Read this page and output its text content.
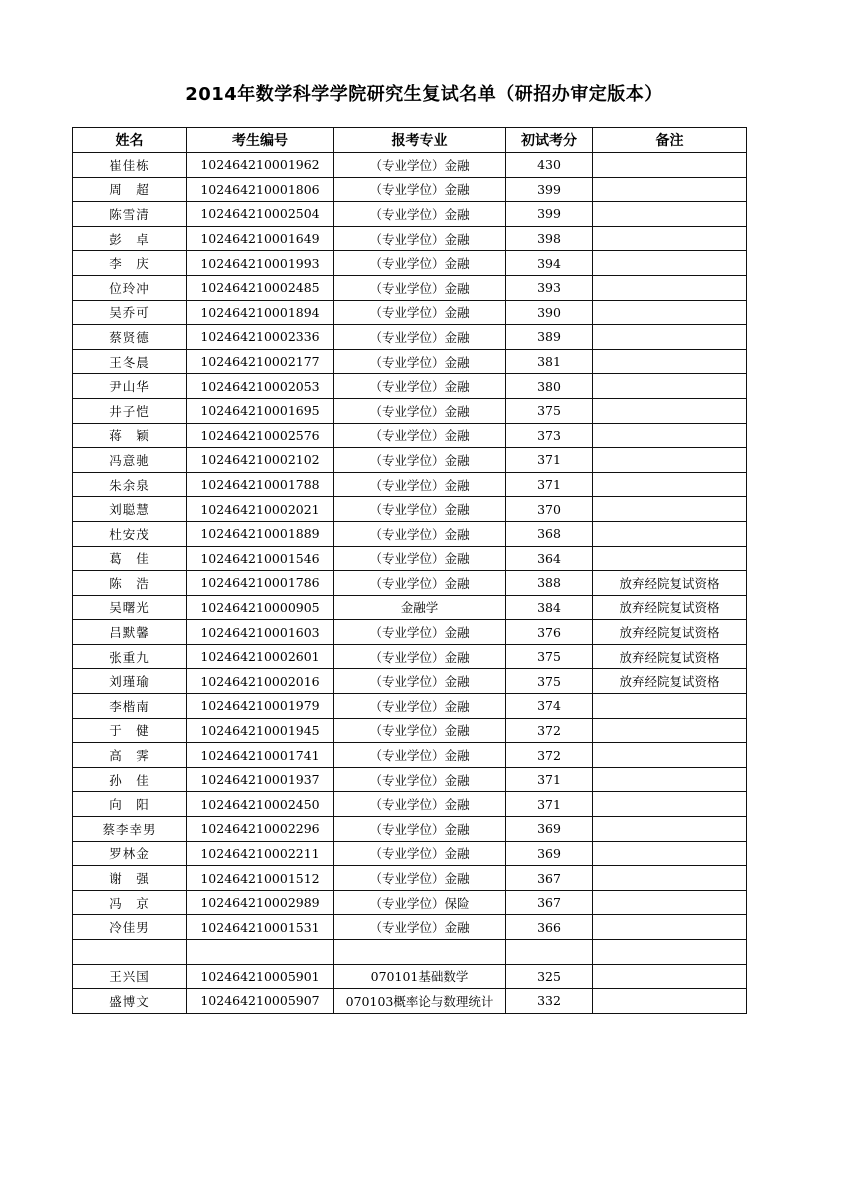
2014年数学科学学院研究生复试名单（研招办审定版本）
姓名	考生编号	报考专业	初试考分	备注
崔佳栋	102464210001962	（专业学位）金融	430	
周　超	102464210001806	（专业学位）金融	399	
陈雪清	102464210002504	（专业学位）金融	399	
彭　卓	102464210001649	（专业学位）金融	398	
李　庆	102464210001993	（专业学位）金融	394	
位玲冲	102464210002485	（专业学位）金融	393	
吴乔可	102464210001894	（专业学位）金融	390	
蔡贤德	102464210002336	（专业学位）金融	389	
王冬晨	102464210002177	（专业学位）金融	381	
尹山华	102464210002053	（专业学位）金融	380	
井子恺	102464210001695	（专业学位）金融	375	
蒋　颖	102464210002576	（专业学位）金融	373	
冯意驰	102464210002102	（专业学位）金融	371	
朱余泉	102464210001788	（专业学位）金融	371	
刘聪慧	102464210002021	（专业学位）金融	370	
杜安茂	102464210001889	（专业学位）金融	368	
葛　佳	102464210001546	（专业学位）金融	364	
陈　浩	102464210001786	（专业学位）金融	388	放弃经院复试资格
吴曙光	102464210000905	金融学	384	放弃经院复试资格
吕默馨	102464210001603	（专业学位）金融	376	放弃经院复试资格
张重九	102464210002601	（专业学位）金融	375	放弃经院复试资格
刘瑾瑜	102464210002016	（专业学位）金融	375	放弃经院复试资格
李楷南	102464210001979	（专业学位）金融	374	
于　健	102464210001945	（专业学位）金融	372	
高　霁	102464210001741	（专业学位）金融	372	
孙　佳	102464210001937	（专业学位）金融	371	
向　阳	102464210002450	（专业学位）金融	371	
蔡李幸男	102464210002296	（专业学位）金融	369	
罗林金	102464210002211	（专业学位）金融	369	
谢　强	102464210001512	（专业学位）金融	367	
冯　京	102464210002989	（专业学位）保险	367	
冷佳男	102464210001531	（专业学位）金融	366	

王兴国	102464210005901	070101基础数学	325	
盛博文	102464210005907	070103概率论与数理统计	332	
